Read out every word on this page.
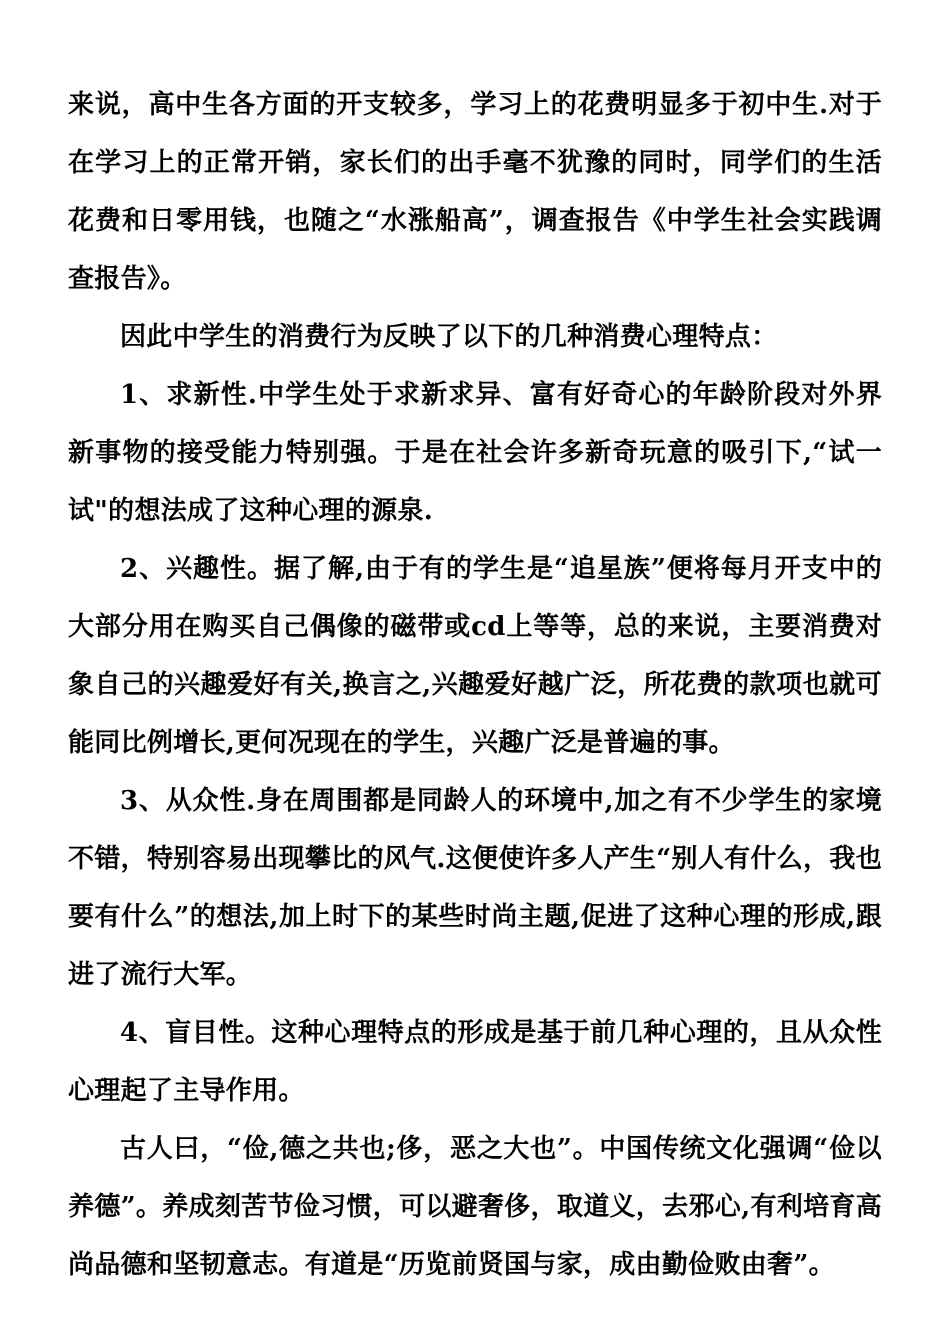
来说，高中生各方面的开支较多，学习上的花费明显多于初中生.对于在学习上的正常开销，家长们的出手毫不犹豫的同时，同学们的生活花费和日零用钱，也随之“水涨船高”，调查报告《中学生社会实践调查报告》。

因此中学生的消费行为反映了以下的几种消费心理特点：

1、求新性.中学生处于求新求异、富有好奇心的年龄阶段对外界新事物的接受能力特别强。于是在社会许多新奇玩意的吸引下,“试一试"的想法成了这种心理的源泉.

2、兴趣性。据了解,由于有的学生是“追星族”便将每月开支中的大部分用在购买自己偶像的磁带或cd上等等，总的来说，主要消费对象自己的兴趣爱好有关,换言之,兴趣爱好越广泛，所花费的款项也就可能同比例增长,更何况现在的学生，兴趣广泛是普遍的事。

3、从众性.身在周围都是同龄人的环境中,加之有不少学生的家境不错，特别容易出现攀比的风气.这便使许多人产生“别人有什么，我也要有什么”的想法,加上时下的某些时尚主题,促进了这种心理的形成,跟进了流行大军。

4、盲目性。这种心理特点的形成是基于前几种心理的，且从众性心理起了主导作用。

古人曰，“俭,德之共也;侈，恶之大也”。中国传统文化强调“俭以养德”。养成刻苦节俭习惯，可以避奢侈，取道义，去邪心,有利培育高尚品德和坚韧意志。有道是“历览前贤国与家，成由勤俭败由奢”。
